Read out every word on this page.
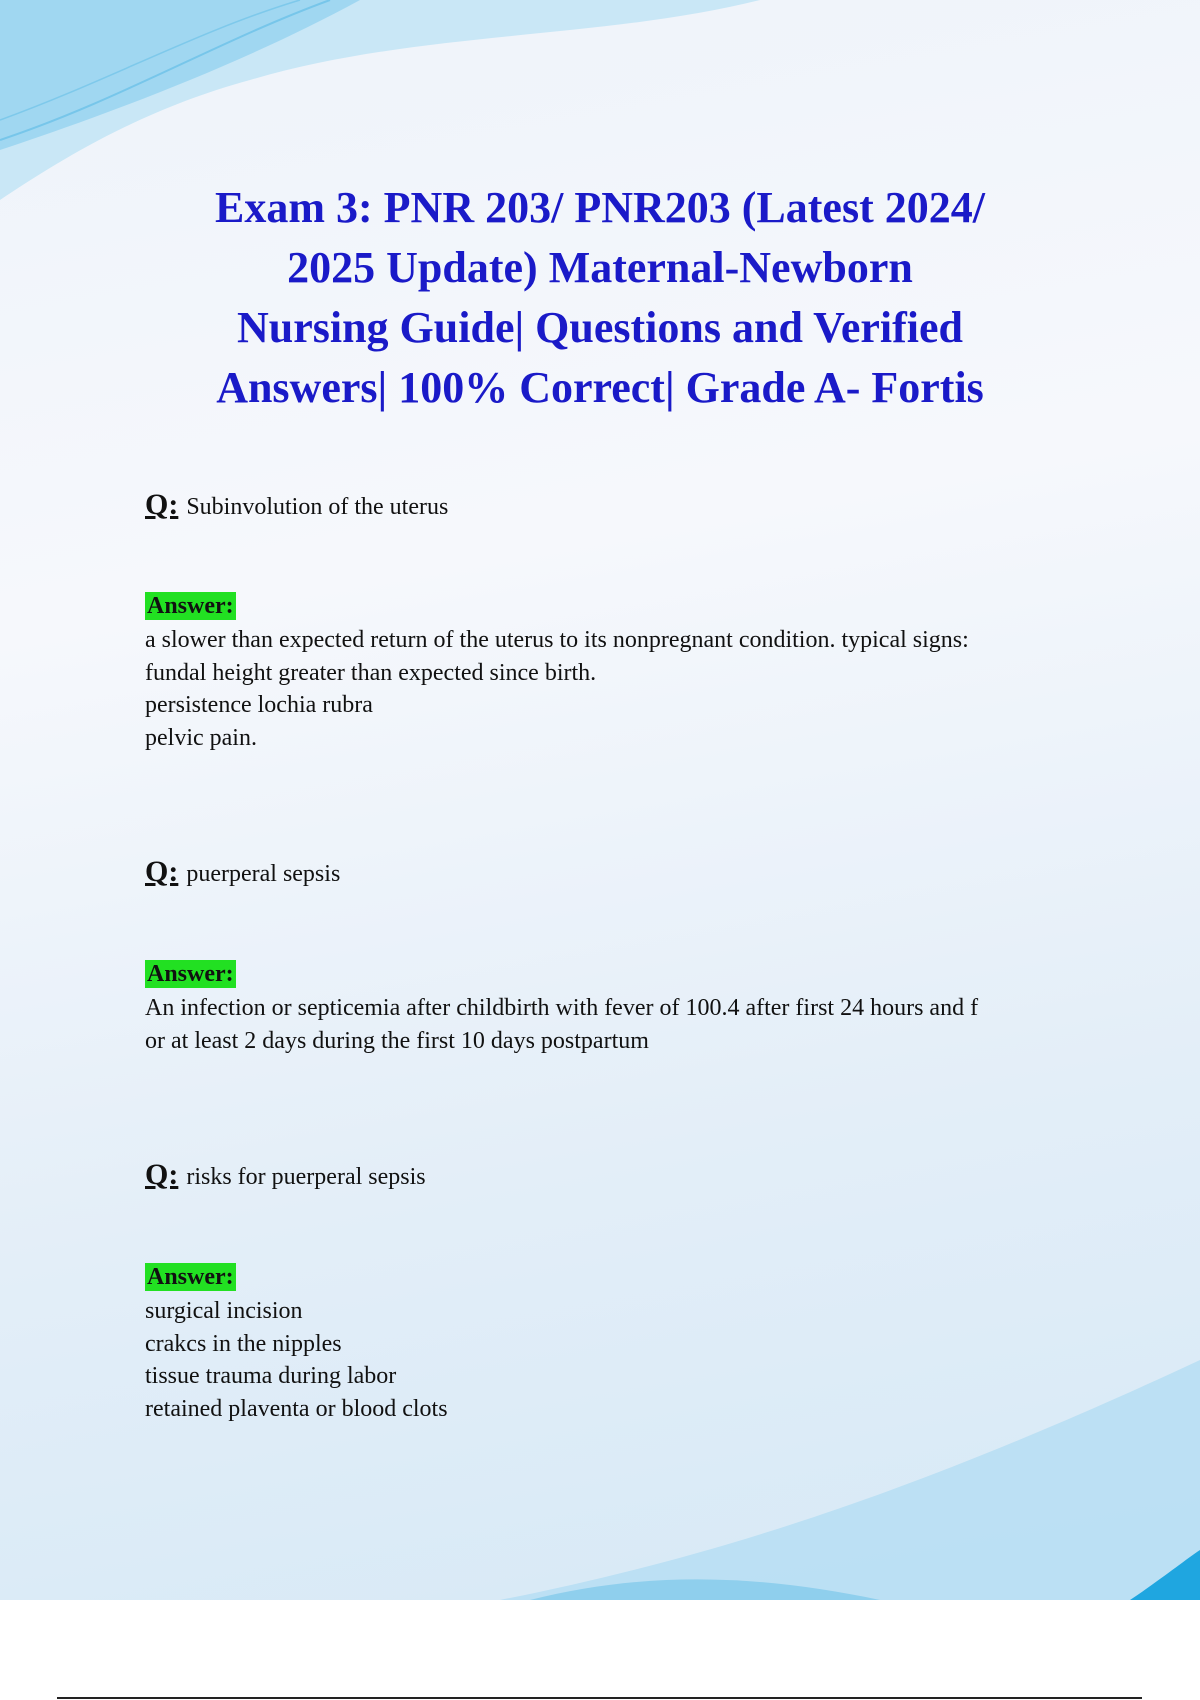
Exam 3: PNR 203/ PNR203 (Latest 2024/
2025 Update) Maternal-Newborn
Nursing Guide| Questions and Verified
Answers| 100% Correct| Grade A- Fortis
Q: Subinvolution of the uterus
Answer:
a slower than expected return of the uterus to its nonpregnant condition. typical signs:
fundal height greater than expected since birth.
persistence lochia rubra
pelvic pain.
Q: puerperal sepsis
Answer:
An infection or septicemia after childbirth with fever of 100.4 after first 24 hours and f
or at least 2 days during the first 10 days postpartum
Q: risks for puerperal sepsis
Answer:
surgical incision
crakcs in the nipples
tissue trauma during labor
retained plaventa or blood clots
